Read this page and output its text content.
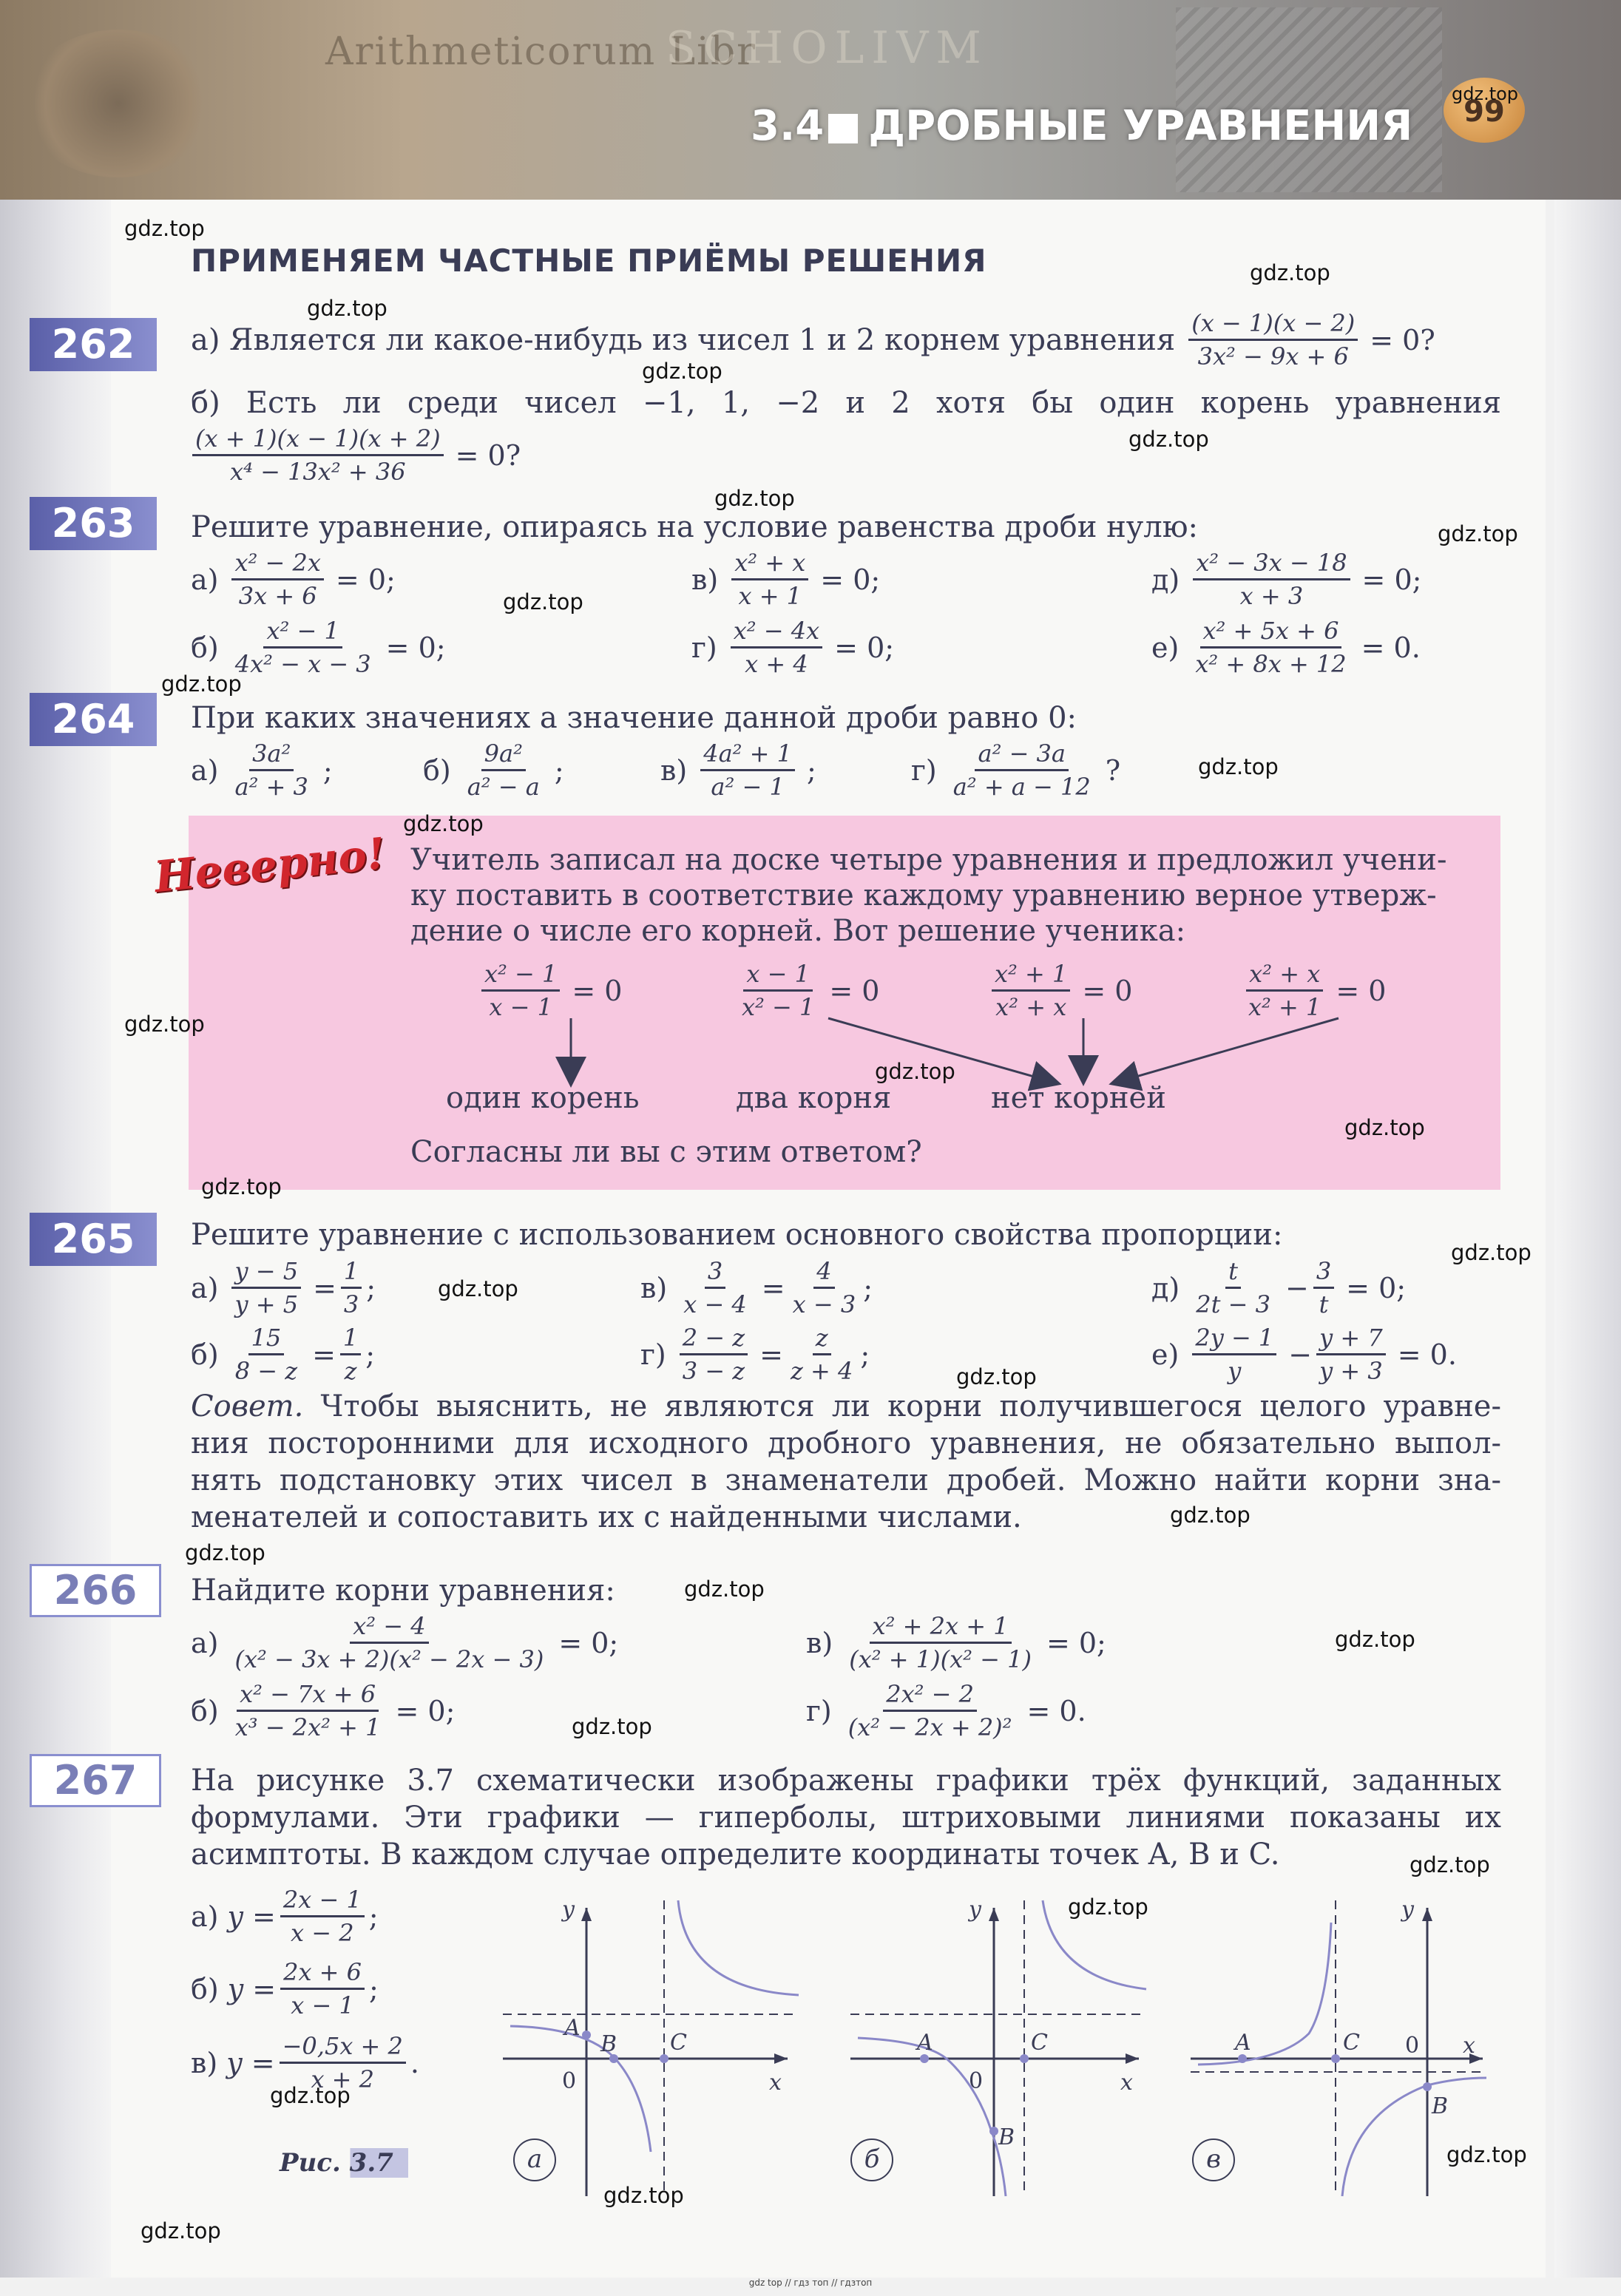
Arithmeticorum Libr
SCHOLIVM
3.4 ДРОБНЫЕ УРАВНЕНИЯ	99
gdz.top
ПРИМЕНЯЕМ ЧАСТНЫЕ ПРИЁМЫ РЕШЕНИЯ
262	а) Является ли какое-нибудь из чисел 1 и 2 корнем уравнения $\frac{(x - 1)(x - 2)}{\text{3x² − 9x + 6}} = 0$?
б) Есть ли среди чисел −1, 1, −2 и 2 хотя бы один корень уравнения
$\frac{(x + 1)(x - 1)(x + 2)}{\text{x⁴ − 13x² + 36}} = 0$?
263	Решите уравнение, опираясь на условие равенства дроби нулю:
$а) \frac{\text{x² − 2x}}{3x + 6} = 0$;	$в) \frac{\text{x² + x}}{x + 1} = 0$;	$д) \frac{\text{x² − 3x − 18}}{x + 3} = 0$;
$б) \frac{\text{x² − 1}}{\text{4x² − x − 3}} = 0$;	$г) \frac{\text{x² − 4x}}{x + 4} = 0$;	$е) \frac{\text{x² + 5x + 6}}{\text{x² + 8x + 12}} = 0$.
264	При каких значениях a значение данной дроби равно 0:
$а) \frac{\text{3a²}}{\text{a² + 3}}$ ;	$б) \frac{\text{9a²}}{\text{a² − a}}$ ;	$в) \frac{\text{4a² + 1}}{\text{a² − 1}}$ ;	$г) \frac{\text{a² − 3a}}{\text{a² + a − 12}}$ ?
Неверно! Учитель записал на доске четыре уравнения и предложил учени-
ку поставить в соответствие каждому уравнению верное утверж-
дение о числе его корней. Вот решение ученика:
$\frac{\text{x² − 1}}{x - 1} = 0$	$\frac{x - 1}{\text{x² − 1}} = 0$	$\frac{\text{x² + 1}}{\text{x² + x}} = 0$	$\frac{\text{x² + x}}{\text{x² + 1}} = 0$
один корень	два корня	нет корней
Согласны ли вы с этим ответом?
265	Решите уравнение с использованием основного свойства пропорции:
$а) \frac{y - 5}{y + 5} = \frac{1}{3}$ ;	$в) \frac{3}{x - 4} = \frac{4}{x - 3}$ ;	$д) \frac{t}{2t - 3} - \frac{3}{t} = 0$;
$б) \frac{15}{8 - z} = \frac{1}{z}$ ;	$г) \frac{2 - z}{3 - z} = \frac{z}{z + 4}$ ;	$е) \frac{2y - 1}{y} - \frac{y + 7}{y + 3} = 0$.
Совет. Чтобы выяснить, не являются ли корни получившегося целого уравне-
ния посторонними для исходного дробного уравнения, не обязательно выпол-
нять подстановку этих чисел в знаменатели дробей. Можно найти корни зна-
менателей и сопоставить их с найденными числами.
266	Найдите корни уравнения:
$а) \frac{\text{x² − 4}}{\text{(x² − 3x + 2)(x² − 2x − 3)}} = 0$;	$в) \frac{\text{x² + 2x + 1}}{\text{(x² + 1)(x² − 1)}} = 0$;
$б) \frac{\text{x² − 7x + 6}}{\text{x³ − 2x² + 1}} = 0$;	$г) \frac{\text{2x² − 2}}{\text{(x² − 2x + 2)²}} = 0$.
267	На рисунке 3.7 схематически изображены графики трёх функций, заданных
формулами. Эти графики — гиперболы, штриховыми линиями показаны их
асимптоты. В каждом случае определите координаты точек A, B и C.
а) $y = \frac{2x - 1}{x - 2}$ ;
б) $y = \frac{2x + 6}{x - 1}$ ;
в) $y = \frac{-0,5x + 2}{x + 2}$ .
y
x
0
A
B C
а
y
x
0
A
B
C
б
y
x
0
A
B
C
в
Рис. 3.7
gdz.top
gdz.top
gdz.top
gdz.top
gdz.top
gdz.top
gdz.top
gdz.top
gdz.top
gdz.top
gdz.top
gdz.top
gdz.top
gdz.top
gdz.top
gdz.top
gdz.top
gdz.top
gdz.top
gdz.top
gdz.top
gdz.top
gdz.top
gdz.top
gdz.top
gdz.top
gdz.top
gdz.top
gdz.top
gdz top // гдз топ // гдзтоп
